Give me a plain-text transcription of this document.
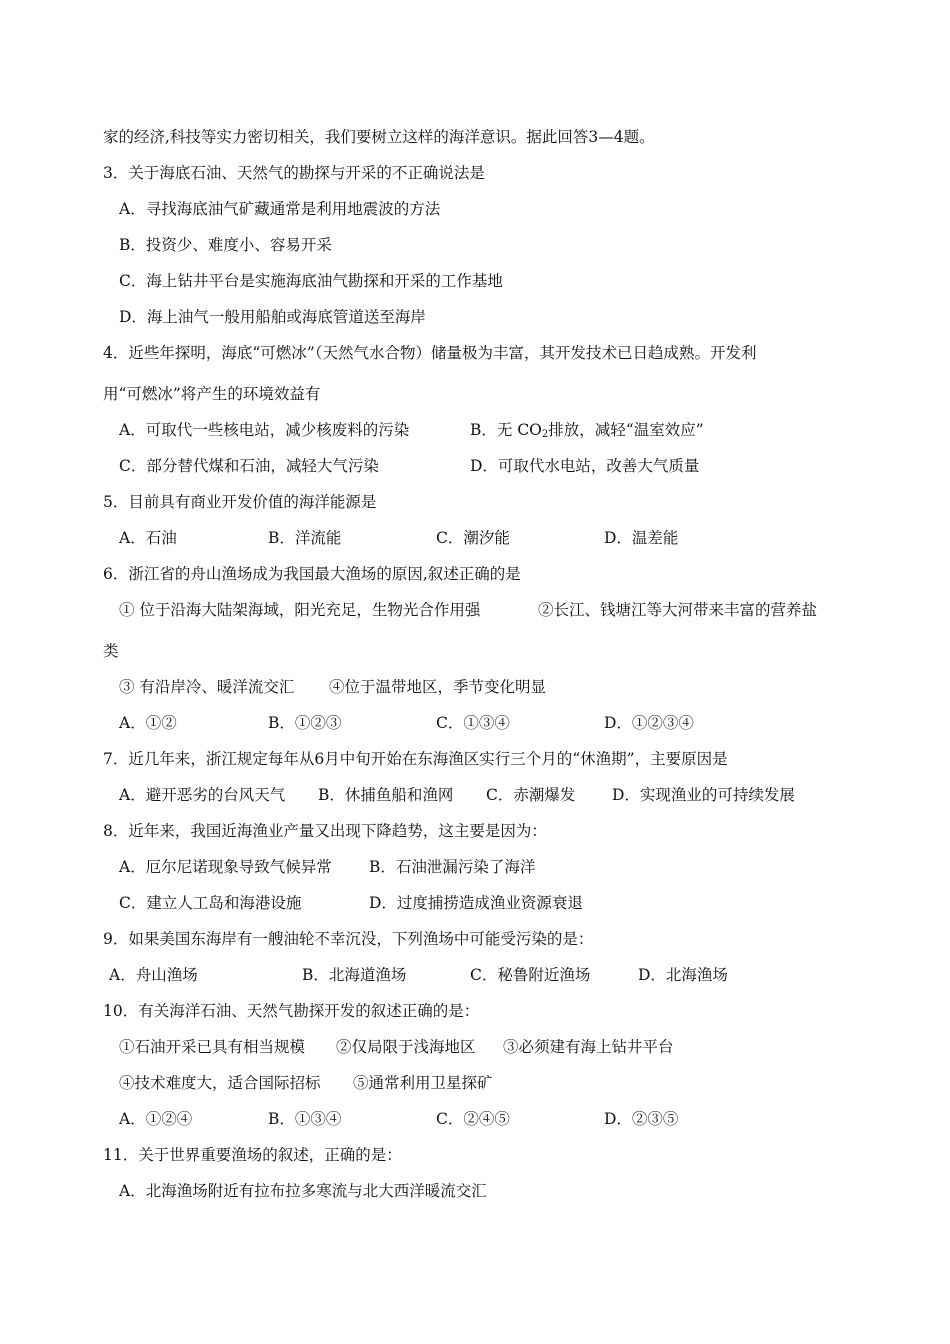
家的经济,科技等实力密切相关，我们要树立这样的海洋意识。据此回答3—4题。
3．关于海底石油、天然气的勘探与开采的不正确说法是
A．寻找海底油气矿藏通常是利用地震波的方法
B．投资少、难度小、容易开采
C．海上钻井平台是实施海底油气勘探和开采的工作基地
D．海上油气一般用船舶或海底管道送至海岸
4．近些年探明，海底“可燃冰”（天然气水合物）储量极为丰富，其开发技术已日趋成熟。开发利
用“可燃冰”将产生的环境效益有
A．可取代一些核电站，减少核废料的污染	B．无 $CO_2$排放，减轻“温室效应”
C．部分替代煤和石油，减轻大气污染	D．可取代水电站，改善大气质量
5．目前具有商业开发价值的海洋能源是
A．石油	B．洋流能	C．潮汐能	D．温差能
6．浙江省的舟山渔场成为我国最大渔场的原因,叙述正确的是
① 位于沿海大陆架海域，阳光充足，生物光合作用强	②长江、钱塘江等大河带来丰富的营养盐
类
③ 有沿岸冷、暖洋流交汇 ④位于温带地区，季节变化明显
A．①②	B．①②③	C．①③④	D．①②③④
7．近几年来，浙江规定每年从6月中旬开始在东海渔区实行三个月的“休渔期”，主要原因是
A．避开恶劣的台风天气 B．休捕鱼船和渔网 C．赤潮爆发 D．实现渔业的可持续发展
8．近年来，我国近海渔业产量又出现下降趋势，这主要是因为：
A．厄尔尼诺现象导致气候异常 B．石油泄漏污染了海洋
C．建立人工岛和海港设施	D．过度捕捞造成渔业资源衰退
9．如果美国东海岸有一艘油轮不幸沉没，下列渔场中可能受污染的是：
A．舟山渔场	B．北海道渔场	C．秘鲁附近渔场	D．北海渔场
10．有关海洋石油、天然气勘探开发的叙述正确的是：
①石油开采已具有相当规模 ②仅局限于浅海地区 ③必须建有海上钻井平台
④技术难度大，适合国际招标 ⑤通常利用卫星探矿
A．①②④	B．①③④	C．②④⑤	D．②③⑤
11．关于世界重要渔场的叙述，正确的是：
A．北海渔场附近有拉布拉多寒流与北大西洋暖流交汇
